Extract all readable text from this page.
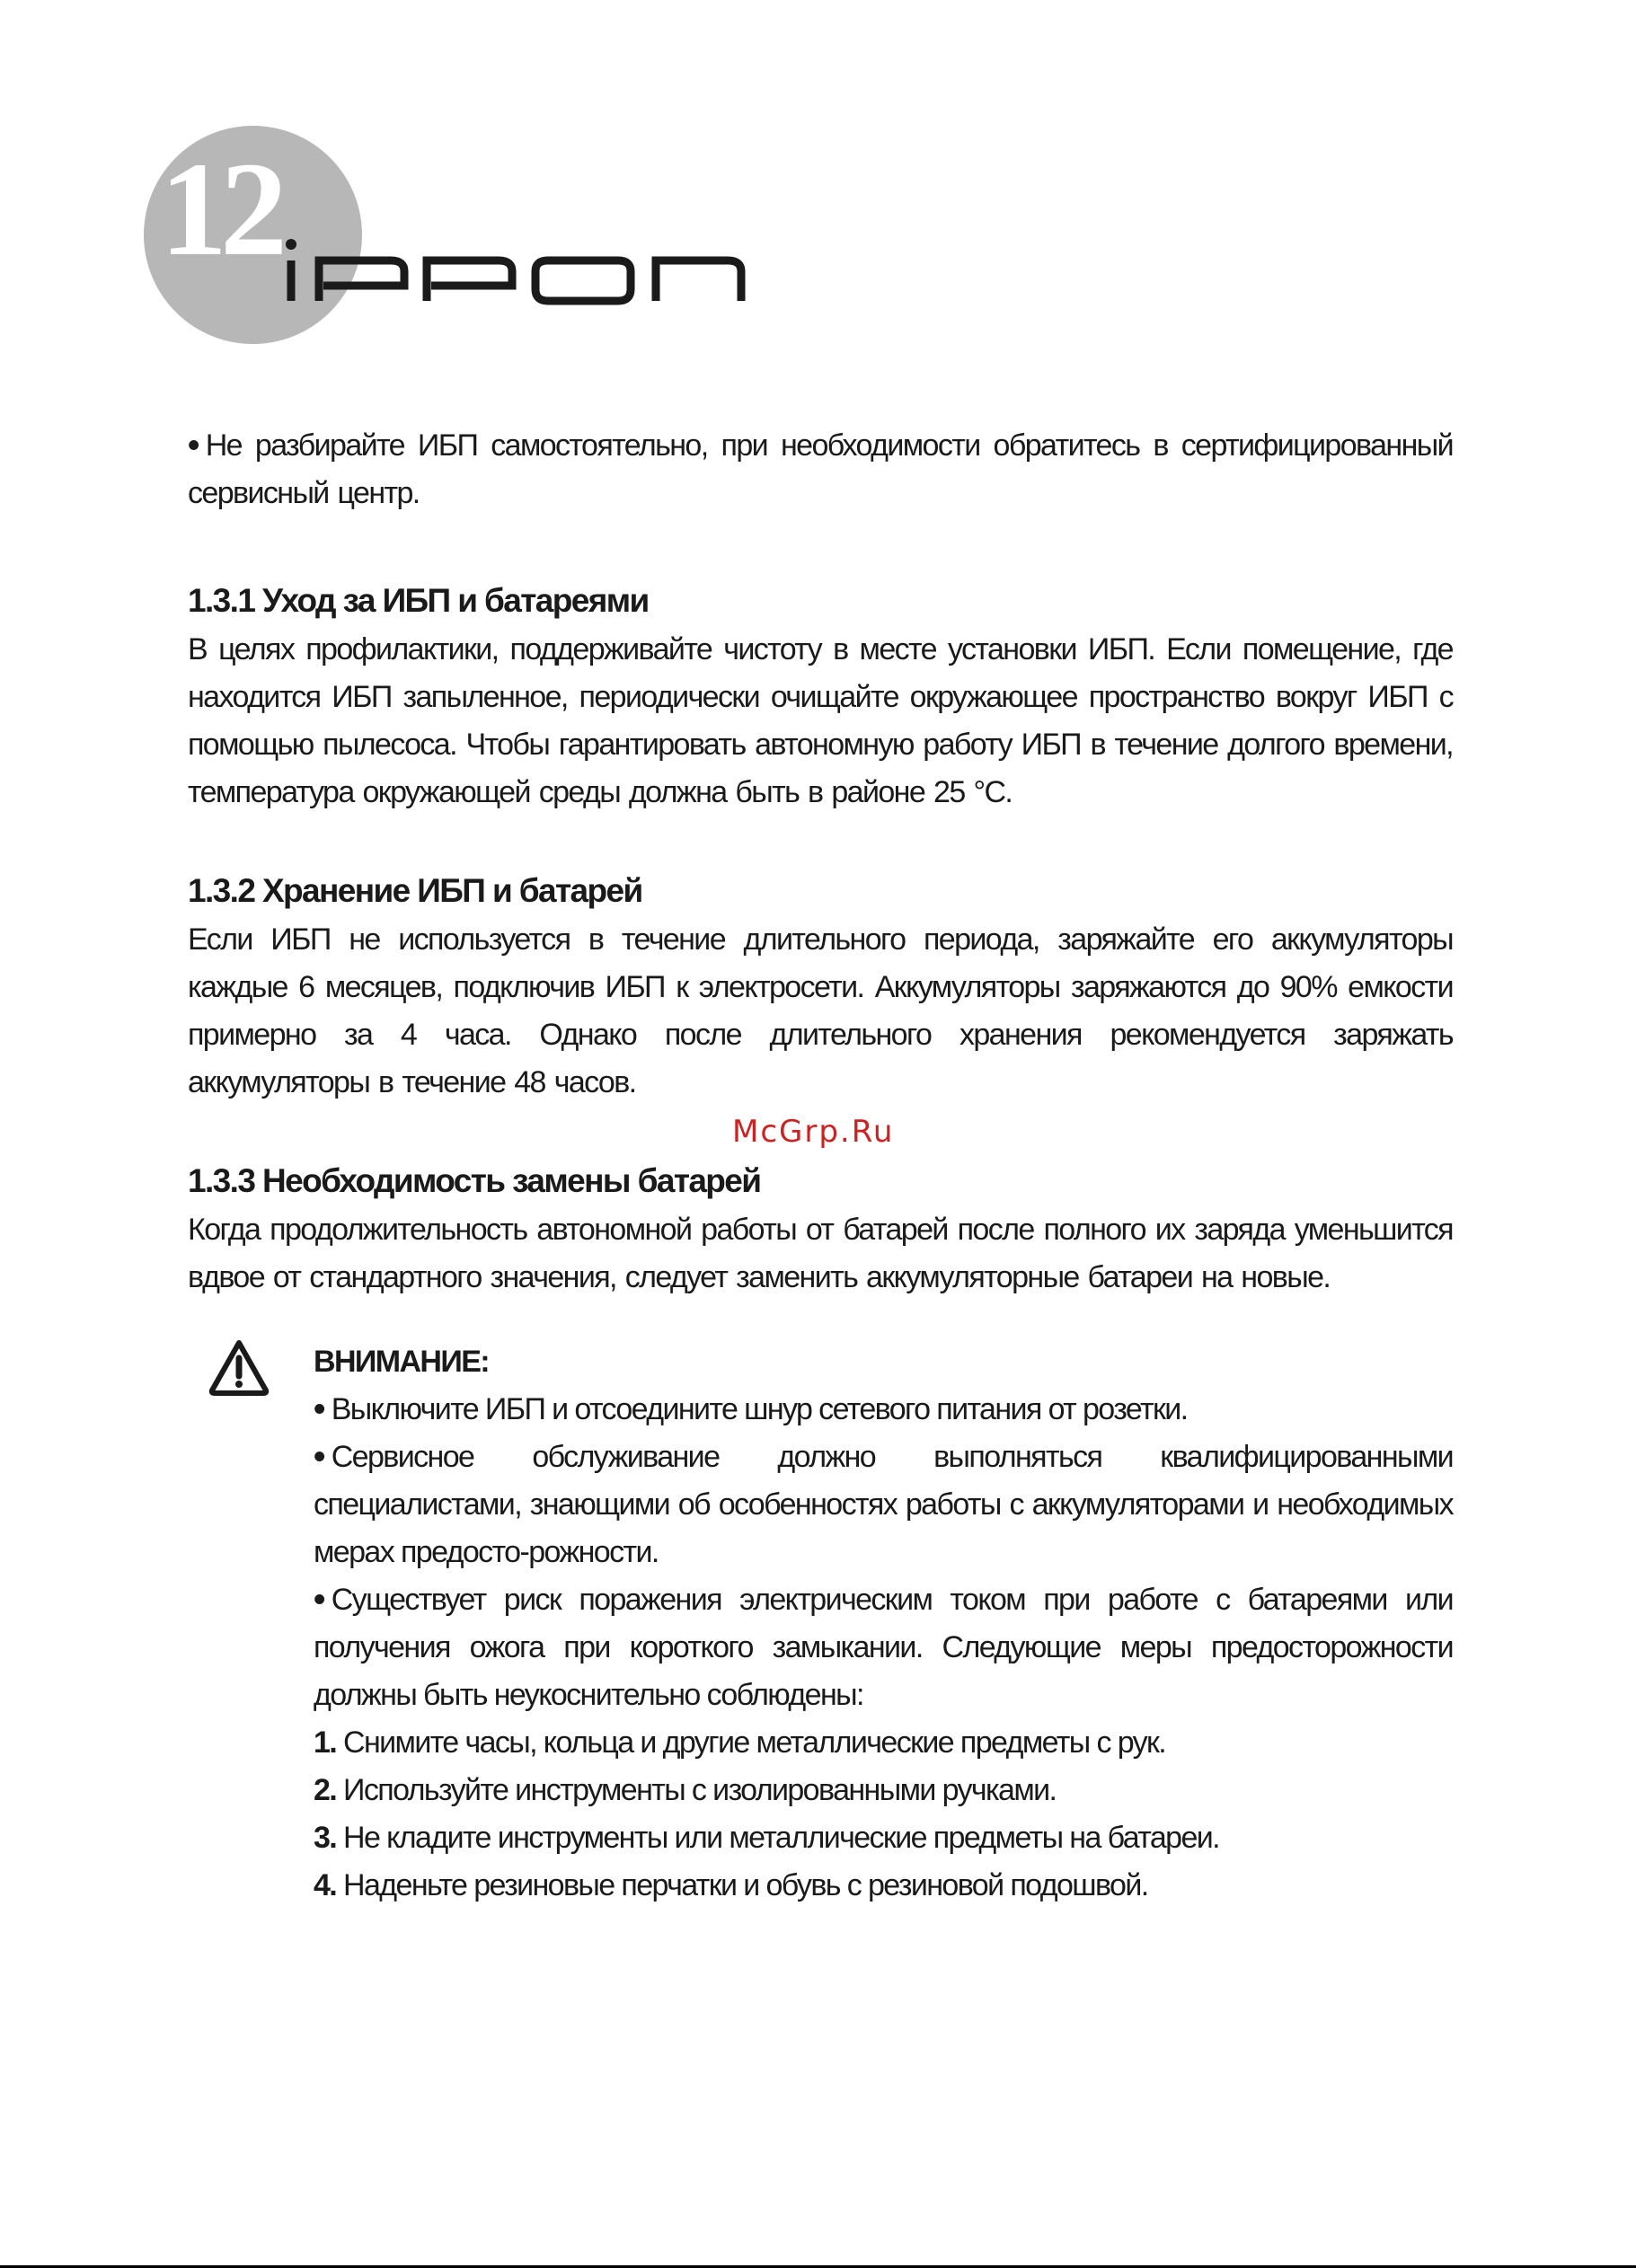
12

• Не разбирайте ИБП самостоятельно, при необходимости обратитесь в сертифицированный сервисный центр.

1.3.1 Уход за ИБП и батареями

В целях профилактики, поддерживайте чистоту в месте установки ИБП. Если помещение, где находится ИБП запыленное, периодически очищайте окружающее пространство вокруг ИБП с помощью пылесоса. Чтобы гарантировать автономную работу ИБП в течение долгого времени, температура окружающей среды должна быть в районе 25 °С.

1.3.2 Хранение ИБП и батарей

Если ИБП не используется в течение длительного периода, заряжайте его аккумуляторы каждые 6 месяцев, подключив ИБП к электросети. Аккумуляторы заряжаются до 90% емкости примерно за 4 часа. Однако после длительного хранения рекомендуется заряжать аккумуляторы в течение 48 часов.

1.3.3 Необходимость замены батарей

Когда продолжительность автономной работы от батарей после полного их заряда уменьшится вдвое от стандартного значения, следует заменить аккумуляторные батареи на новые.

McGrp.Ru

ВНИМАНИЕ:

• Выключите ИБП и отсоедините шнур сетевого питания от розетки.

• Сервисное обслуживание должно выполняться квалифицированными специалистами, знающими об особенностях работы с аккумуляторами и необходимых мерах предосто-рожности.

• Существует риск поражения электрическим током при работе с батареями или получения ожога при короткого замыкании. Следующие меры предосторожности должны быть неукоснительно соблюдены:

1. Снимите часы, кольца и другие металлические предметы с рук.

2. Используйте инструменты с изолированными ручками.

3. Не кладите инструменты или металлические предметы на батареи.

4. Наденьте резиновые перчатки и обувь с резиновой подошвой.
